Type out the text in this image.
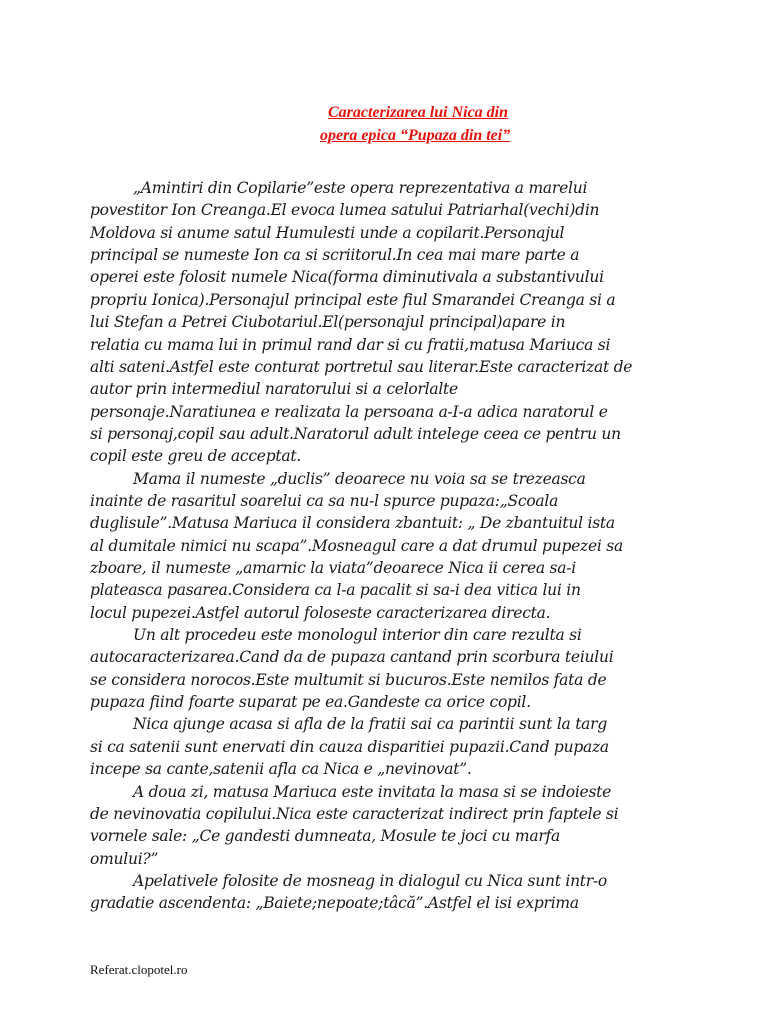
Caracterizarea lui Nica din
opera epica “Pupaza din tei”
„Amintiri din Copilarie”este opera reprezentativa a marelui
povestitor Ion Creanga.El evoca lumea satului Patriarhal(vechi)din
Moldova si anume satul Humulesti unde a copilarit.Personajul
principal se numeste Ion ca si scriitorul.In cea mai mare parte a
operei este folosit numele Nica(forma diminutivala a substantivului
propriu Ionica).Personajul principal este fiul Smarandei Creanga si a
lui Stefan a Petrei Ciubotariul.El(personajul principal)apare in
relatia cu mama lui in primul rand dar si cu fratii,matusa Mariuca si
alti sateni.Astfel este conturat portretul sau literar.Este caracterizat de
autor prin intermediul naratorului si a celorlalte
personaje.Naratiunea e realizata la persoana a-I-a adica naratorul e
si personaj,copil sau adult.Naratorul adult intelege ceea ce pentru un
copil este greu de acceptat.
Mama il numeste „duclis” deoarece nu voia sa se trezeasca
inainte de rasaritul soarelui ca sa nu-l spurce pupaza:„Scoala
duglisule”.Matusa Mariuca il considera zbantuit: „ De zbantuitul ista
al dumitale nimici nu scapa”.Mosneagul care a dat drumul pupezei sa
zboare, il numeste „amarnic la viata”deoarece Nica ii cerea sa-i
plateasca pasarea.Considera ca l-a pacalit si sa-i dea vitica lui in
locul pupezei.Astfel autorul foloseste caracterizarea directa.
Un alt procedeu este monologul interior din care rezulta si
autocaracterizarea.Cand da de pupaza cantand prin scorbura teiului
se considera norocos.Este multumit si bucuros.Este nemilos fata de
pupaza fiind foarte suparat pe ea.Gandeste ca orice copil.
Nica ajunge acasa si afla de la fratii sai ca parintii sunt la targ
si ca satenii sunt enervati din cauza disparitiei pupazii.Cand pupaza
incepe sa cante,satenii afla ca Nica e „nevinovat”.
A doua zi, matusa Mariuca este invitata la masa si se indoieste
de nevinovatia copilului.Nica este caracterizat indirect prin faptele si
vornele sale: „Ce gandesti dumneata, Mosule te joci cu marfa
omului?”
Apelativele folosite de mosneag in dialogul cu Nica sunt intr-o
gradatie ascendenta: „Baiete;nepoate;tâcă”.Astfel el isi exprima
Referat.clopotel.ro
